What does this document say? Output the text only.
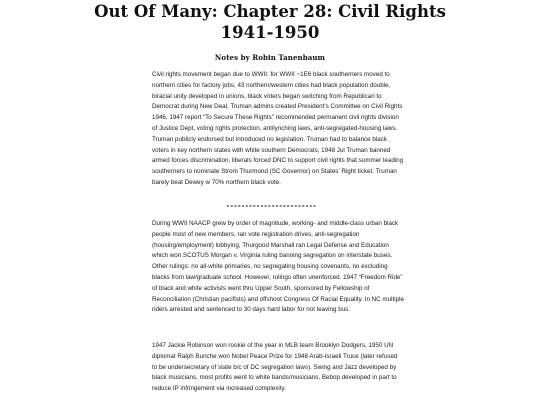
Out Of Many: Chapter 28: Civil Rights
1941-1950
Notes by Robin Tanenbaum

Civil rights movement began due to WWII: for WWII ~1E6 black southerners moved to northern cities for factory jobs, 43 northern/western cities had black population double, biracial unity developed in unions, black voters began switching from Republican to Democrat during New Deal, Truman admins created President’s Committee on Civil Rights 1946, 1947 report “To Secure These Rights” recommended permanent civil rights division of Justice Dept, voting rights protection, antilynching laws, anti-segregated-housing laws. Truman publicly endorsed but introduced no legislation. Truman had to balance black voters in key northern states with white southern Democrats, 1948 Jul Truman banned armed forces discrimination, liberals forced DNC to support civil rights that summer leading southerners to nominate Strom Thurmond (SC Governor) on States’ Right ticket. Truman barely beat Dewey w 70% northern black vote.

------------------------

During WWII NAACP grew by order of magnitude, working- and middle-class urban black people most of new members, ran vote registration drives, anti-segregation (housing/employment) lobbying, Thurgood Marshall ran Legal Defense and Education which won SCOTUS Morgan v. Virginia ruling banning segregation on interstate buses. Other rulings: no all-white primaries, no segregating housing covenants, no excluding blacks from law/graduate school. However, rulings often unenforced. 1947 “Freedom Ride” of black and white activists went thru Upper South, sponsored by Fellowship of Reconciliation (Christian pacifists) and offshoot Congress Of Racial Equality. In NC multiple riders arrested and sentenced to 30 days hard labor for not leaving bus.

1947 Jackie Robinson won rookie of the year in MLB team Brooklyn Dodgers, 1950 UN diplomat Ralph Bunche won Nobel Peace Prize for 1948 Arab-Israeli Truce (later refused to be undersecretary of state b/c of DC segregation laws). Swing and Jazz developed by black musicians, most profits went to white bands/musicians, Bebop developed in part to reduce IP infringement via increased complexity.
